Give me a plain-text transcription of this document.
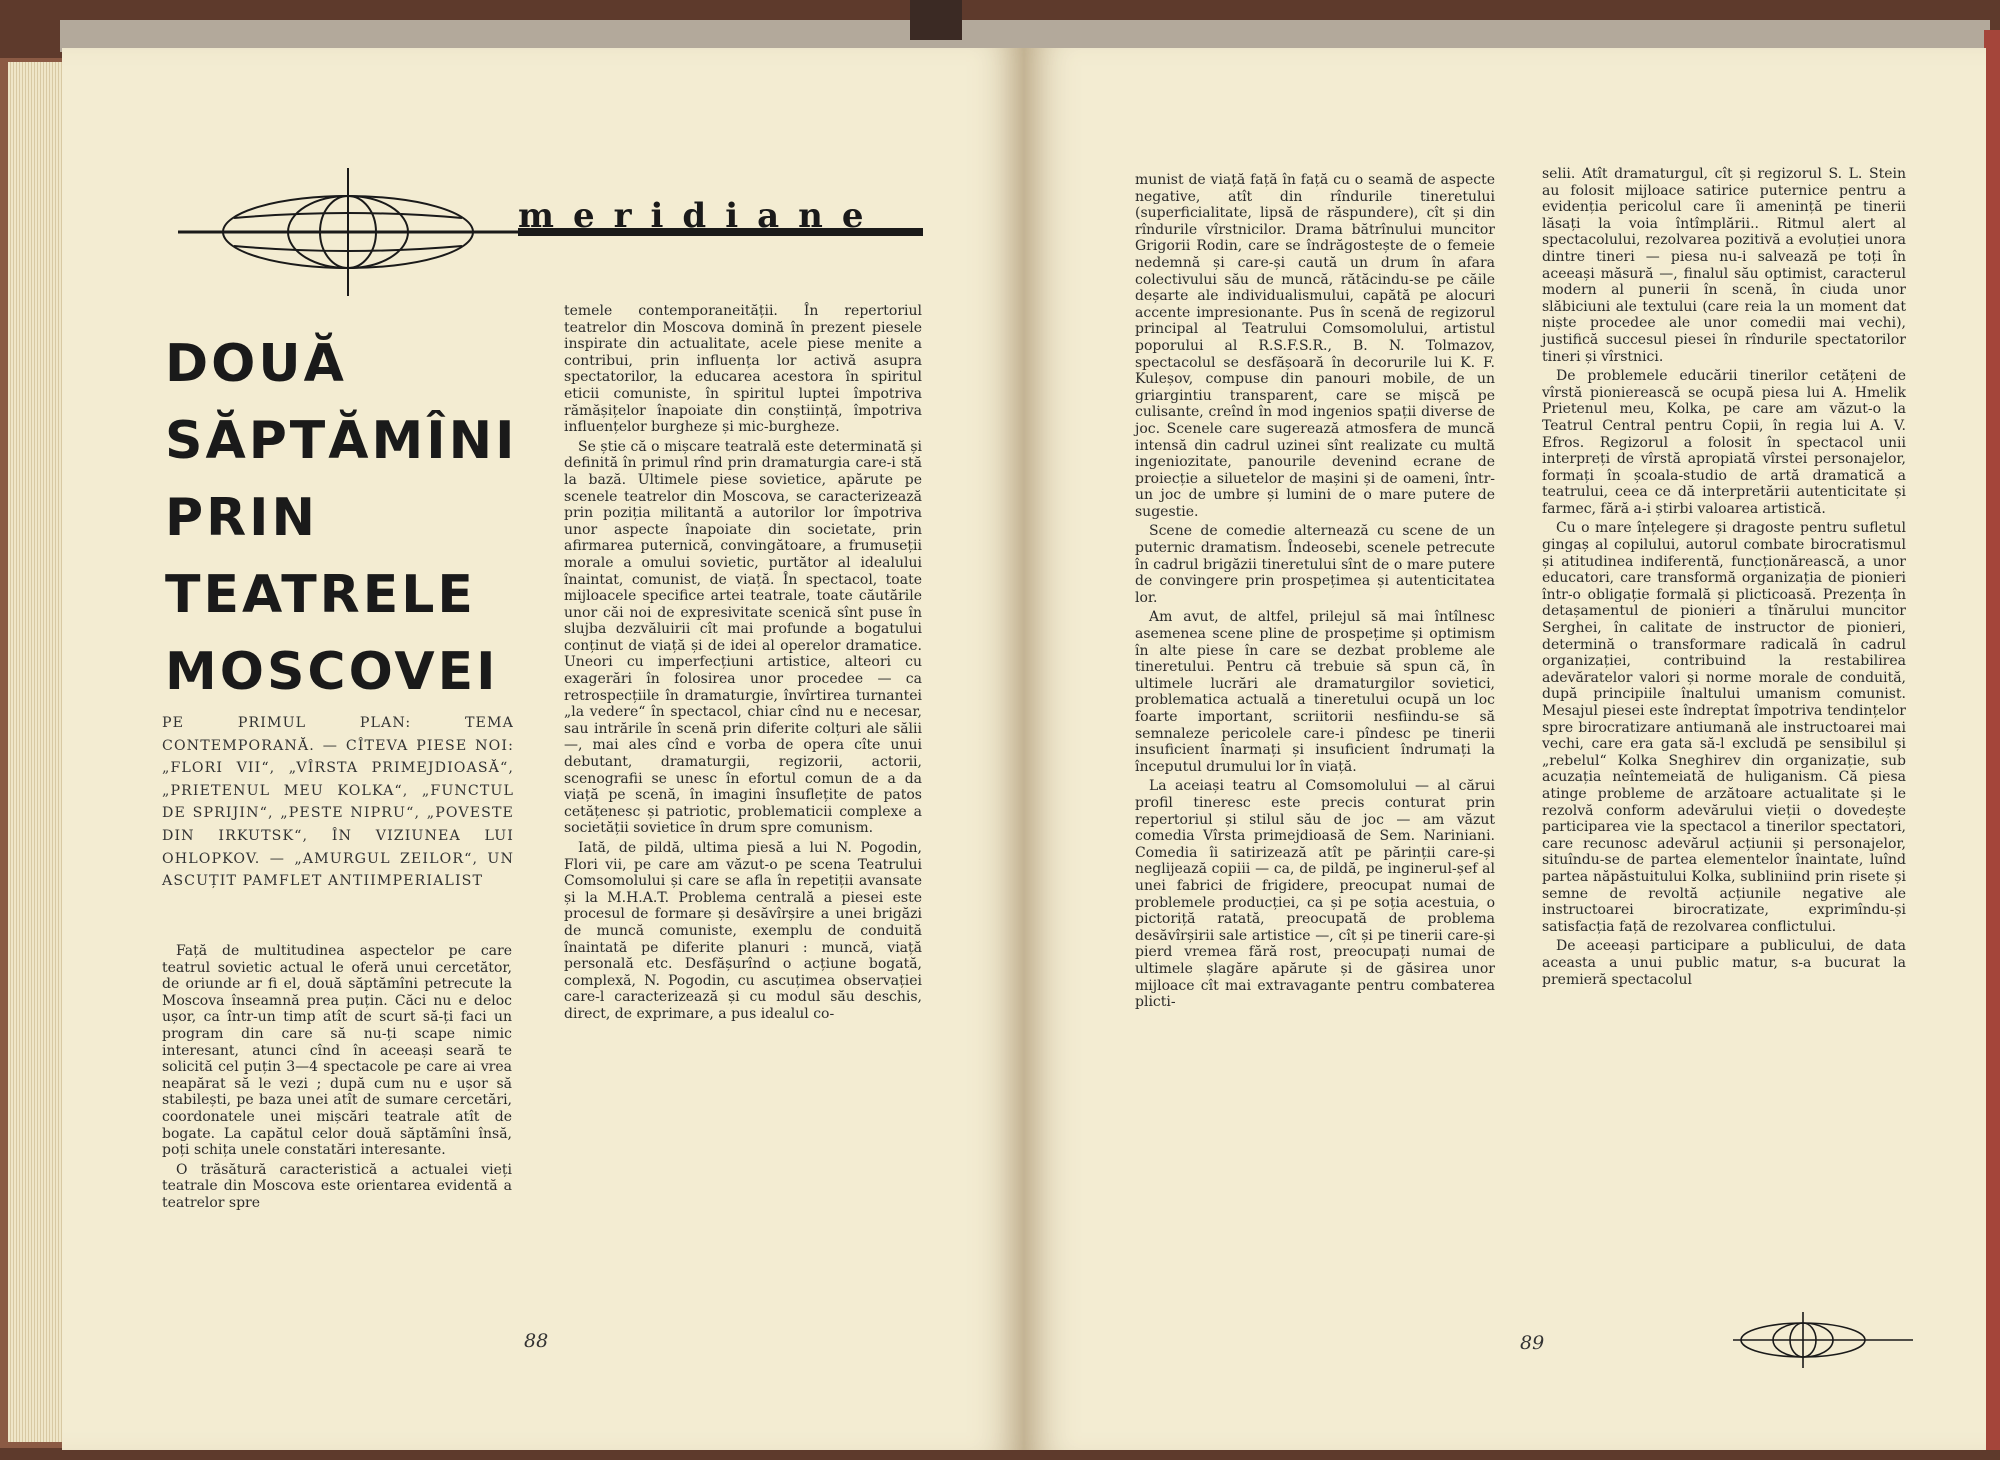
meridiane
DOUĂ
SĂPTĂMÎNI
PRIN
TEATRELE
MOSCOVEI
PE PRIMUL PLAN: TEMA CONTEMPORANĂ. — CÎTEVA PIESE NOI: „FLORI VII“, „VÎRSTA PRIMEJDIOASĂ“, „PRIETENUL MEU KOLKA“, „FUNCTUL DE SPRIJIN“, „PESTE NIPRU“, „POVESTE DIN IRKUTSK“, ÎN VIZIUNEA LUI OHLOPKOV. — „AMURGUL ZEILOR“, UN ASCUȚIT PAMFLET ANTIIMPERIALIST

Față de multitudinea aspectelor pe care teatrul sovietic actual le oferă unui cercetător, de oriunde ar fi el, două săptămîni petrecute la Moscova înseamnă prea puțin. Căci nu e deloc ușor, ca într-un timp atît de scurt să-ți faci un program din care să nu-ți scape nimic interesant, atunci cînd în aceeași seară te solicită cel puțin 3—4 spectacole pe care ai vrea neapărat să le vezi ; după cum nu e ușor să stabilești, pe baza unei atît de sumare cercetări, coordonatele unei mișcări teatrale atît de bogate. La capătul celor două săptămîni însă, poți schița unele constatări interesante.

O trăsătură caracteristică a actualei vieți teatrale din Moscova este orientarea evidentă a teatrelor spre

temele contemporaneității. În repertoriul teatrelor din Moscova domină în prezent piesele inspirate din actualitate, acele piese menite a contribui, prin influența lor activă asupra spectatorilor, la educarea acestora în spiritul eticii comuniste, în spiritul luptei împotriva rămășițelor înapoiate din conștiință, împotriva influențelor burgheze și mic-burgheze.

Se știe că o mișcare teatrală este determinată și definită în primul rînd prin dramaturgia care-i stă la bază. Ultimele piese sovietice, apărute pe scenele teatrelor din Moscova, se caracterizează prin poziția militantă a autorilor lor împotriva unor aspecte înapoiate din societate, prin afirmarea puternică, convingătoare, a frumuseții morale a omului sovietic, purtător al idealului înaintat, comunist, de viață. În spectacol, toate mijloacele specifice artei teatrale, toate căutările unor căi noi de expresivitate scenică sînt puse în slujba dezvăluirii cît mai profunde a bogatului conținut de viață și de idei al operelor dramatice. Uneori cu imperfecțiuni artistice, alteori cu exagerări în folosirea unor procedee — ca retrospecțiile în dramaturgie, învîrtirea turnantei „la vedere“ în spectacol, chiar cînd nu e necesar, sau intrările în scenă prin diferite colțuri ale sălii —, mai ales cînd e vorba de opera cîte unui debutant, dramaturgii, regizorii, actorii, scenografii se unesc în efortul comun de a da viață pe scenă, în imagini însuflețite de patos cetățenesc și patriotic, problematicii complexe a societății sovietice în drum spre comunism.

Iată, de pildă, ultima piesă a lui N. Pogodin, Flori vii, pe care am văzut-o pe scena Teatrului Comsomolului și care se afla în repetiții avansate și la M.H.A.T. Problema centrală a piesei este procesul de formare și desăvîrșire a unei brigăzi de muncă comuniste, exemplu de conduită înaintată pe diferite planuri : muncă, viață personală etc. Desfășurînd o acțiune bogată, complexă, N. Pogodin, cu ascuțimea observației care-l caracterizează și cu modul său deschis, direct, de exprimare, a pus idealul co-

munist de viață față în față cu o seamă de aspecte negative, atît din rîndurile tineretului (superficialitate, lipsă de răspundere), cît și din rîndurile vîrstnicilor. Drama bătrînului muncitor Grigorii Rodin, care se îndrăgostește de o femeie nedemnă și care-și caută un drum în afara colectivului său de muncă, rătăcindu-se pe căile deșarte ale individualismului, capătă pe alocuri accente impresionante. Pus în scenă de regizorul principal al Teatrului Comsomolului, artistul poporului al R.S.F.S.R., B. N. Tolmazov, spectacolul se desfășoară în decorurile lui K. F. Kuleșov, compuse din panouri mobile, de un griargintiu transparent, care se mișcă pe culisante, creînd în mod ingenios spații diverse de joc. Scenele care sugerează atmosfera de muncă intensă din cadrul uzinei sînt realizate cu multă ingeniozitate, panourile devenind ecrane de proiecție a siluetelor de mașini și de oameni, într-un joc de umbre și lumini de o mare putere de sugestie.

Scene de comedie alternează cu scene de un puternic dramatism. Îndeosebi, scenele petrecute în cadrul brigăzii tineretului sînt de o mare putere de convingere prin prospețimea și autenticitatea lor.

Am avut, de altfel, prilejul să mai întîlnesc asemenea scene pline de prospețime și optimism în alte piese în care se dezbat probleme ale tineretului. Pentru că trebuie să spun că, în ultimele lucrări ale dramaturgilor sovietici, problematica actuală a tineretului ocupă un loc foarte important, scriitorii nesfiindu-se să semnaleze pericolele care-i pîndesc pe tinerii insuficient înarmați și insuficient îndrumați la începutul drumului lor în viață.

La aceiași teatru al Comsomolului — al cărui profil tineresc este precis conturat prin repertoriul și stilul său de joc — am văzut comedia Vîrsta primejdioasă de Sem. Nariniani. Comedia îi satirizează atît pe părinții care-și neglijează copiii — ca, de pildă, pe inginerul-șef al unei fabrici de frigidere, preocupat numai de problemele producției, ca și pe soția acestuia, o pictoriță ratată, preocupată de problema desăvîrșirii sale artistice —, cît și pe tinerii care-și pierd vremea fără rost, preocupați numai de ultimele șlagăre apărute și de găsirea unor mijloace cît mai extravagante pentru combaterea plicti-

selii. Atît dramaturgul, cît și regizorul S. L. Stein au folosit mijloace satirice puternice pentru a evidenția pericolul care îi amenință pe tinerii lăsați la voia întîmplării.. Ritmul alert al spectacolului, rezolvarea pozitivă a evoluției unora dintre tineri — piesa nu-i salvează pe toți în aceeași măsură —, finalul său optimist, caracterul modern al punerii în scenă, în ciuda unor slăbiciuni ale textului (care reia la un moment dat niște procedee ale unor comedii mai vechi), justifică succesul piesei în rîndurile spectatorilor tineri și vîrstnici.

De problemele educării tinerilor cetățeni de vîrstă pionierească se ocupă piesa lui A. Hmelik Prietenul meu, Kolka, pe care am văzut-o la Teatrul Central pentru Copii, în regia lui A. V. Efros. Regizorul a folosit în spectacol unii interpreți de vîrstă apropiată vîrstei personajelor, formați în școala-studio de artă dramatică a teatrului, ceea ce dă interpretării autenticitate și farmec, fără a-i știrbi valoarea artistică.

Cu o mare înțelegere și dragoste pentru sufletul gingaș al copilului, autorul combate birocratismul și atitudinea indiferentă, funcționărească, a unor educatori, care transformă organizația de pionieri într-o obligație formală și plicticoasă. Prezența în detașamentul de pionieri a tînărului muncitor Serghei, în calitate de instructor de pionieri, determină o transformare radicală în cadrul organizației, contribuind la restabilirea adevăratelor valori și norme morale de conduită, după principiile înaltului umanism comunist. Mesajul piesei este îndreptat împotriva tendințelor spre birocratizare antiumană ale instructoarei mai vechi, care era gata să-l excludă pe sensibilul și „rebelul“ Kolka Sneghirev din organizație, sub acuzația neîntemeiată de huliganism. Că piesa atinge probleme de arzătoare actualitate și le rezolvă conform adevărului vieții o dovedește participarea vie la spectacol a tinerilor spectatori, care recunosc adevărul acțiunii și personajelor, situîndu-se de partea elementelor înaintate, luînd partea năpăstuitului Kolka, subliniind prin risete și semne de revoltă acțiunile negative ale instructoarei birocratizate, exprimîndu-și satisfacția față de rezolvarea conflictului.

De aceeași participare a publicului, de data aceasta a unui public matur, s-a bucurat la premieră spectacolul

88	89
